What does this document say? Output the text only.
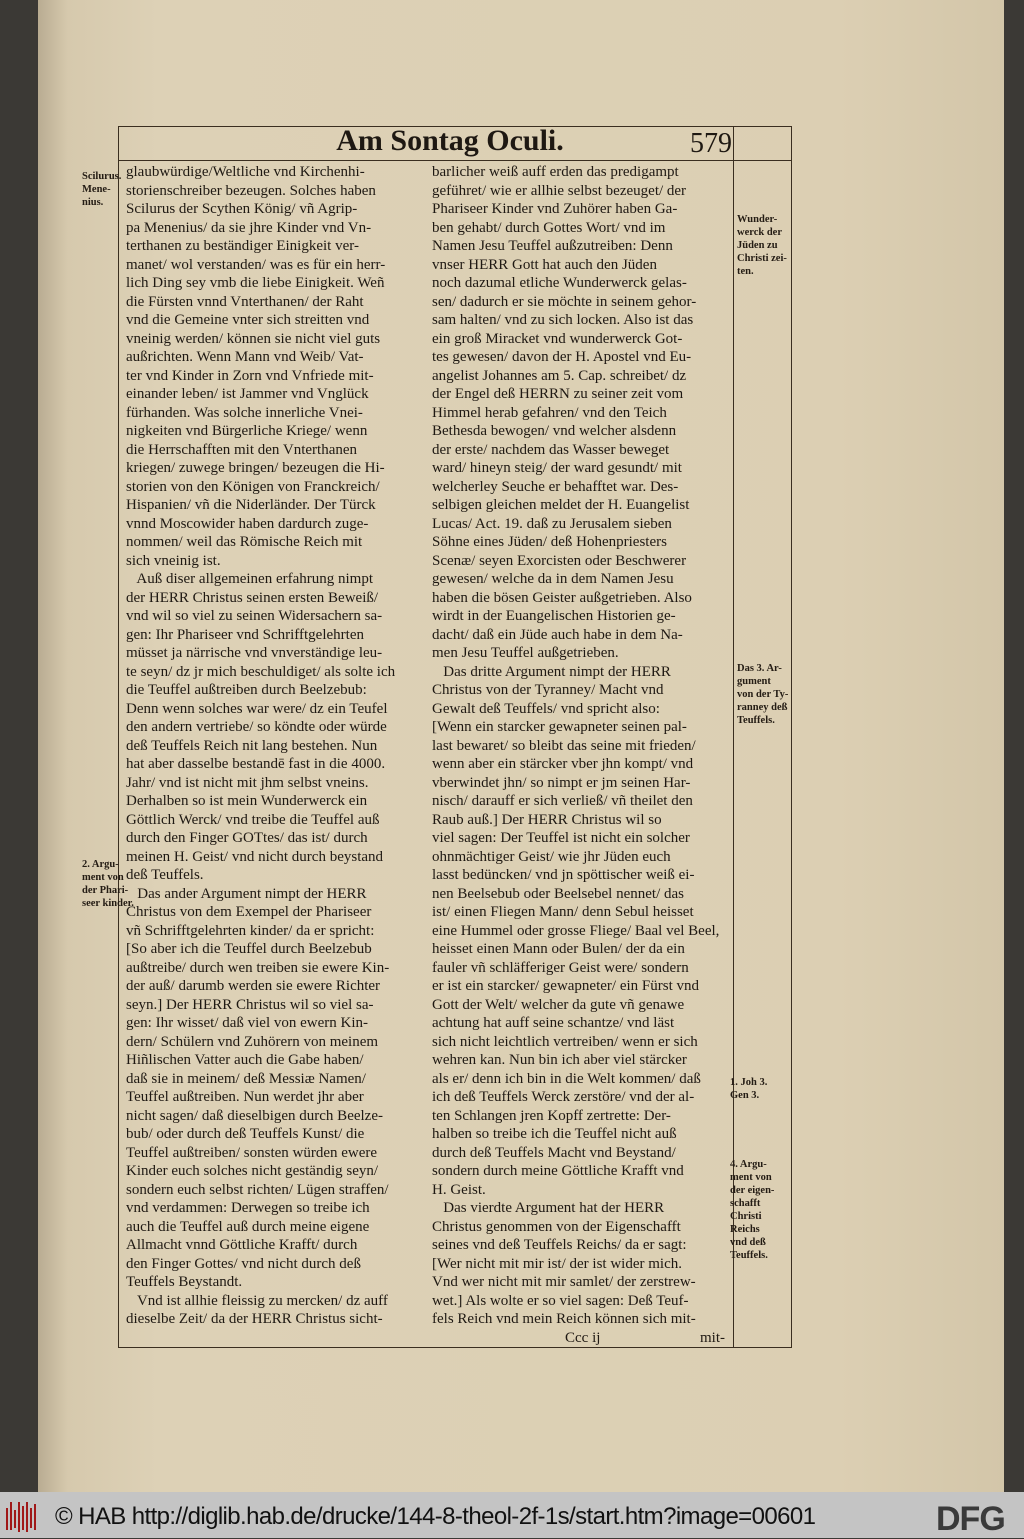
Am Sontag Oculi.	579
glaubwürdige/Weltliche vnd Kirchenhi-
storienschreiber bezeugen. Solches haben
Scilurus der Scythen König/ vñ Agrip-
pa Menenius/ da sie jhre Kinder vnd Vn-
terthanen zu beständiger Einigkeit ver-
manet/ wol verstanden/ was es für ein herr-
lich Ding sey vmb die liebe Einigkeit. Weñ
die Fürsten vnnd Vnterthanen/ der Raht
vnd die Gemeine vnter sich streitten vnd
vneinig werden/ können sie nicht viel guts
außrichten. Wenn Mann vnd Weib/ Vat-
ter vnd Kinder in Zorn vnd Vnfriede mit-
einander leben/ ist Jammer vnd Vnglück
fürhanden. Was solche innerliche Vnei-
nigkeiten vnd Bürgerliche Kriege/ wenn
die Herrschafften mit den Vnterthanen
kriegen/ zuwege bringen/ bezeugen die Hi-
storien von den Königen von Franckreich/
Hispanien/ vñ die Niderländer. Der Türck
vnnd Moscowider haben dardurch zuge-
nommen/ weil das Römische Reich mit
sich vneinig ist.
Auß diser allgemeinen erfahrung nimpt
der HERR Christus seinen ersten Beweiß/
vnd wil so viel zu seinen Widersachern sa-
gen: Ihr Phariseer vnd Schrifftgelehrten
müsset ja närrische vnd vnverständige leu-
te seyn/ dz jr mich beschuldiget/ als solte ich
die Teuffel außtreiben durch Beelzebub:
Denn wenn solches war were/ dz ein Teufel
den andern vertriebe/ so köndte oder würde
deß Teuffels Reich nit lang bestehen. Nun
hat aber dasselbe bestandē fast in die 4000.
Jahr/ vnd ist nicht mit jhm selbst vneins.
Derhalben so ist mein Wunderwerck ein
Göttlich Werck/ vnd treibe die Teuffel auß
durch den Finger GOTtes/ das ist/ durch
meinen H. Geist/ vnd nicht durch beystand
deß Teuffels.
Das ander Argument nimpt der HERR
Christus von dem Exempel der Phariseer
vñ Schrifftgelehrten kinder/ da er spricht:
[So aber ich die Teuffel durch Beelzebub
außtreibe/ durch wen treiben sie ewere Kin-
der auß/ darumb werden sie ewere Richter
seyn.] Der HERR Christus wil so viel sa-
gen: Ihr wisset/ daß viel von ewern Kin-
dern/ Schülern vnd Zuhörern von meinem
Hiñlischen Vatter auch die Gabe haben/
daß sie in meinem/ deß Messiæ Namen/
Teuffel außtreiben. Nun werdet jhr aber
nicht sagen/ daß dieselbigen durch Beelze-
bub/ oder durch deß Teuffels Kunst/ die
Teuffel außtreiben/ sonsten würden ewere
Kinder euch solches nicht geständig seyn/
sondern euch selbst richten/ Lügen straffen/
vnd verdammen: Derwegen so treibe ich
auch die Teuffel auß durch meine eigene
Allmacht vnnd Göttliche Krafft/ durch
den Finger Gottes/ vnd nicht durch deß
Teuffels Beystandt.
Vnd ist allhie fleissig zu mercken/ dz auff
dieselbe Zeit/ da der HERR Christus sicht-
barlicher weiß auff erden das predigampt
geführet/ wie er allhie selbst bezeuget/ der
Phariseer Kinder vnd Zuhörer haben Ga-
ben gehabt/ durch Gottes Wort/ vnd im
Namen Jesu Teuffel außzutreiben: Denn
vnser HERR Gott hat auch den Jüden
noch dazumal etliche Wunderwerck gelas-
sen/ dadurch er sie möchte in seinem gehor-
sam halten/ vnd zu sich locken. Also ist das
ein groß Miracket vnd wunderwerck Got-
tes gewesen/ davon der H. Apostel vnd Eu-
angelist Johannes am 5. Cap. schreibet/ dz
der Engel deß HERRN zu seiner zeit vom
Himmel herab gefahren/ vnd den Teich
Bethesda bewogen/ vnd welcher alsdenn
der erste/ nachdem das Wasser beweget
ward/ hineyn steig/ der ward gesundt/ mit
welcherley Seuche er behafftet war. Des-
selbigen gleichen meldet der H. Euangelist
Lucas/ Act. 19. daß zu Jerusalem sieben
Söhne eines Jüden/ deß Hohenpriesters
Scenæ/ seyen Exorcisten oder Beschwerer
gewesen/ welche da in dem Namen Jesu
haben die bösen Geister außgetrieben. Also
wirdt in der Euangelischen Historien ge-
dacht/ daß ein Jüde auch habe in dem Na-
men Jesu Teuffel außgetrieben.
Das dritte Argument nimpt der HERR
Christus von der Tyranney/ Macht vnd
Gewalt deß Teuffels/ vnd spricht also:
[Wenn ein starcker gewapneter seinen pal-
last bewaret/ so bleibt das seine mit frieden/
wenn aber ein stärcker vber jhn kompt/ vnd
vberwindet jhn/ so nimpt er jm seinen Har-
nisch/ darauff er sich verließ/ vñ theilet den
Raub auß.] Der HERR Christus wil so
viel sagen: Der Teuffel ist nicht ein solcher
ohnmächtiger Geist/ wie jhr Jüden euch
lasst bedüncken/ vnd jn spöttischer weiß ei-
nen Beelsebub oder Beelsebel nennet/ das
ist/ einen Fliegen Mann/ denn Sebul heisset
eine Hummel oder grosse Fliege/ Baal vel Beel,
heisset einen Mann oder Bulen/ der da ein
fauler vñ schläfferiger Geist were/ sondern
er ist ein starcker/ gewapneter/ ein Fürst vnd
Gott der Welt/ welcher da gute vñ genawe
achtung hat auff seine schantze/ vnd läst
sich nicht leichtlich vertreiben/ wenn er sich
wehren kan. Nun bin ich aber viel stärcker
als er/ denn ich bin in die Welt kommen/ daß
ich deß Teuffels Werck zerstöre/ vnd der al-
ten Schlangen jren Kopff zertrette: Der-
halben so treibe ich die Teuffel nicht auß
durch deß Teuffels Macht vnd Beystand/
sondern durch meine Göttliche Krafft vnd
H. Geist.
Das vierdte Argument hat der HERR
Christus genommen von der Eigenschafft
seines vnd deß Teuffels Reichs/ da er sagt:
[Wer nicht mit mir ist/ der ist wider mich.
Vnd wer nicht mit mir samlet/ der zerstrew-
wet.] Als wolte er so viel sagen: Deß Teuf-
fels Reich vnd mein Reich können sich mit-
Scilurus.
Mene-
nius.
2. Argu-
ment von
der Phari-
seer kinder.
Wunder-
werck der
Jüden zu
Christi zei-
ten.
Das 3. Ar-
gument
von der Ty-
ranney deß
Teuffels.
1. Joh 3.
Gen 3.
4. Argu-
ment von
der eigen-
schafft
Christi
Reichs
vnd deß
Teuffels.
Ccc ij	mit-
© HAB http://diglib.hab.de/drucke/144-8-theol-2f-1s/start.htm?image=00601	DFG
